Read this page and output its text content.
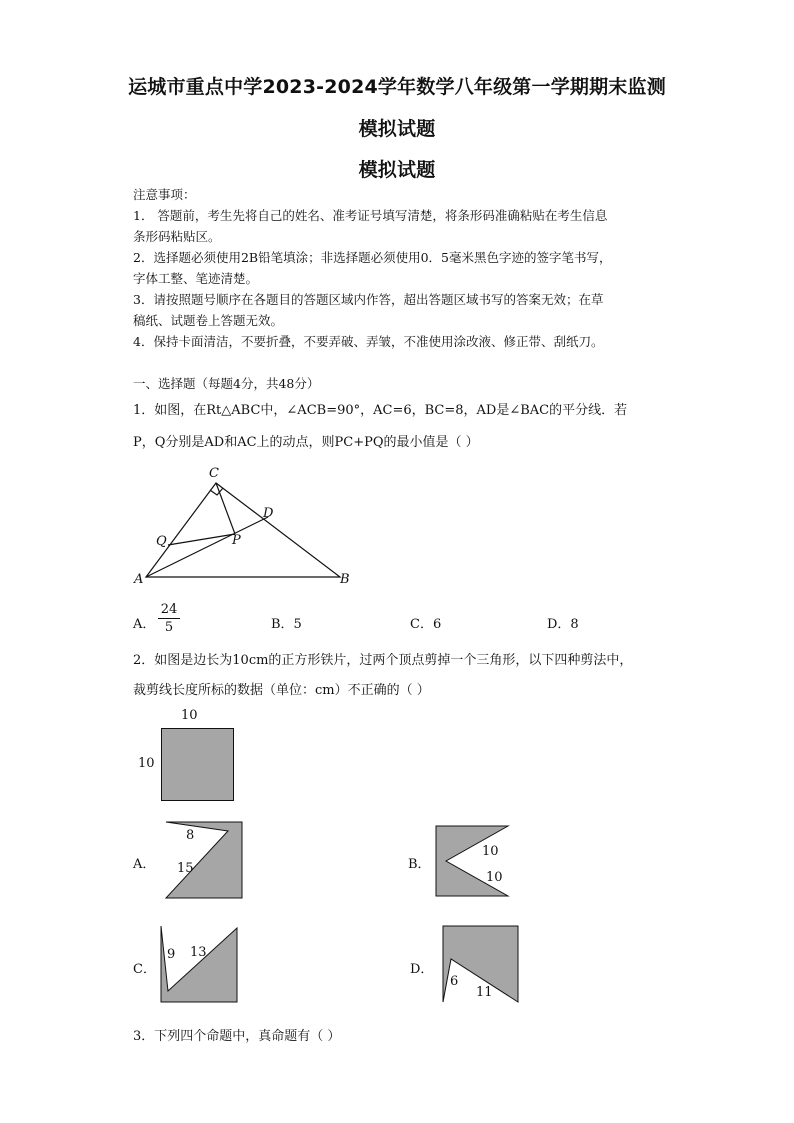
运城市重点中学2023-2024学年数学八年级第一学期期末监测
模拟试题
模拟试题
注意事项：
1． 答题前，考生先将自己的姓名、准考证号填写清楚，将条形码准确粘贴在考生信息
条形码粘贴区。
2．选择题必须使用2B铅笔填涂；非选择题必须使用0．5毫米黑色字迹的签字笔书写，
字体工整、笔迹清楚。
3．请按照题号顺序在各题目的答题区域内作答，超出答题区域书写的答案无效；在草
稿纸、试题卷上答题无效。
4．保持卡面清洁，不要折叠，不要弄破、弄皱，不准使用涂改液、修正带、刮纸刀。
一、选择题（每题4分，共48分）
1．如图，在Rt△ABC中，∠ACB=90°，AC=6，BC=8，AD是∠BAC的平分线．若
P，Q分别是AD和AC上的动点，则PC+PQ的最小值是（ ）
C
D
Q	P
A	B
A． $\frac{24}{5}$	B．5	C．6	D．8
2．如图是边长为10cm的正方形铁片，过两个顶点剪掉一个三角形，以下四种剪法中，
裁剪线长度所标的数据（单位：cm）不正确的（ ）
10
10
A．
8
15	B．
10
10
C．
9 13
D．
6
11
3．下列四个命题中，真命题有（ ）
